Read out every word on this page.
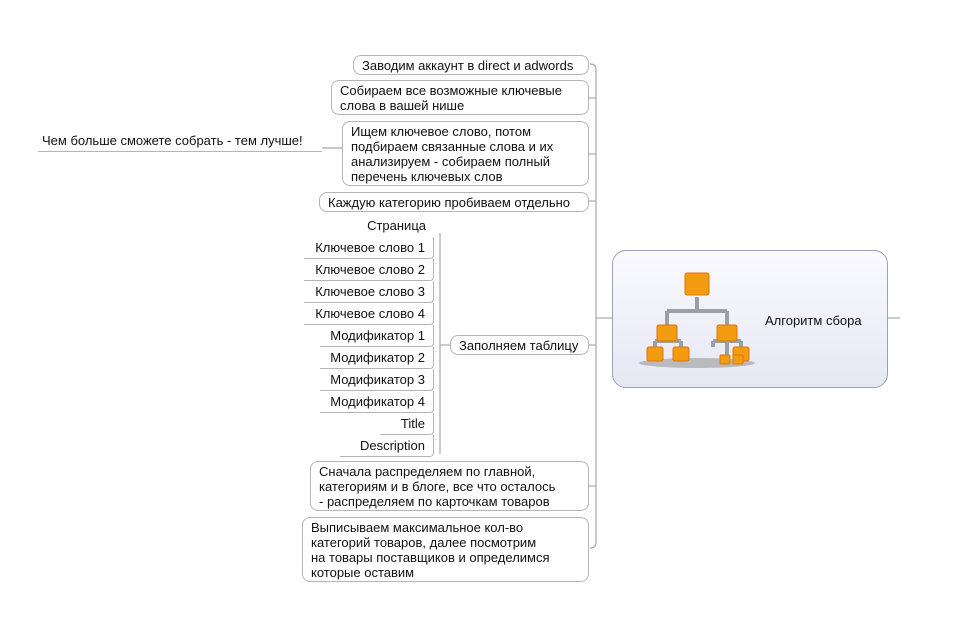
Алгоритм сбора
Заводим аккаунт в direct и adwords
Собираем все возможные ключевые
слова в вашей нише
Ищем ключевое слово, потом
подбираем связанные слова и их
анализируем - собираем полный
перечень ключевых слов
Каждую категорию пробиваем отдельно
Заполняем таблицу
Сначала распределяем по главной,
категориям и в блоге, все что осталось
- распределяем по карточкам товаров
Выписываем максимальное кол-во
категорий товаров, далее посмотрим
на товары поставщиков и определимся
которые оставим
Чем больше сможете собрать - тем лучше!
Страница
Ключевое слово 1
Ключевое слово 2
Ключевое слово 3
Ключевое слово 4
Модификатор 1
Модификатор 2
Модификатор 3
Модификатор 4
Title
Description
